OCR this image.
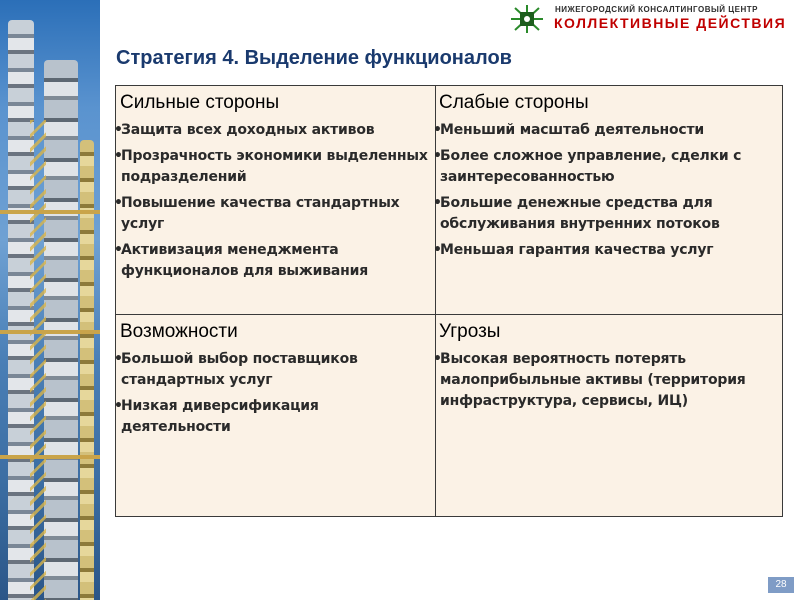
НИЖЕГОРОДСКИЙ КОНСАЛТИНГОВЫЙ ЦЕНТР
КОЛЛЕКТИВНЫЕ ДЕЙСТВИЯ
Стратегия 4. Выделение функционалов
Сильные стороны
• Защита всех доходных активов
• Прозрачность экономики выделенных подразделений
• Повышение качества стандартных услуг
• Активизация менеджмента функционалов для выживания
Слабые стороны
• Меньший масштаб деятельности
• Более сложное управление, сделки с заинтересованностью
• Большие денежные средства для обслуживания внутренних потоков
• Меньшая гарантия качества услуг
Возможности
• Большой выбор поставщиков стандартных услуг
• Низкая диверсификация деятельности
Угрозы
• Высокая вероятность потерять малоприбыльные активы (территория инфраструктура, сервисы, ИЦ)
28
